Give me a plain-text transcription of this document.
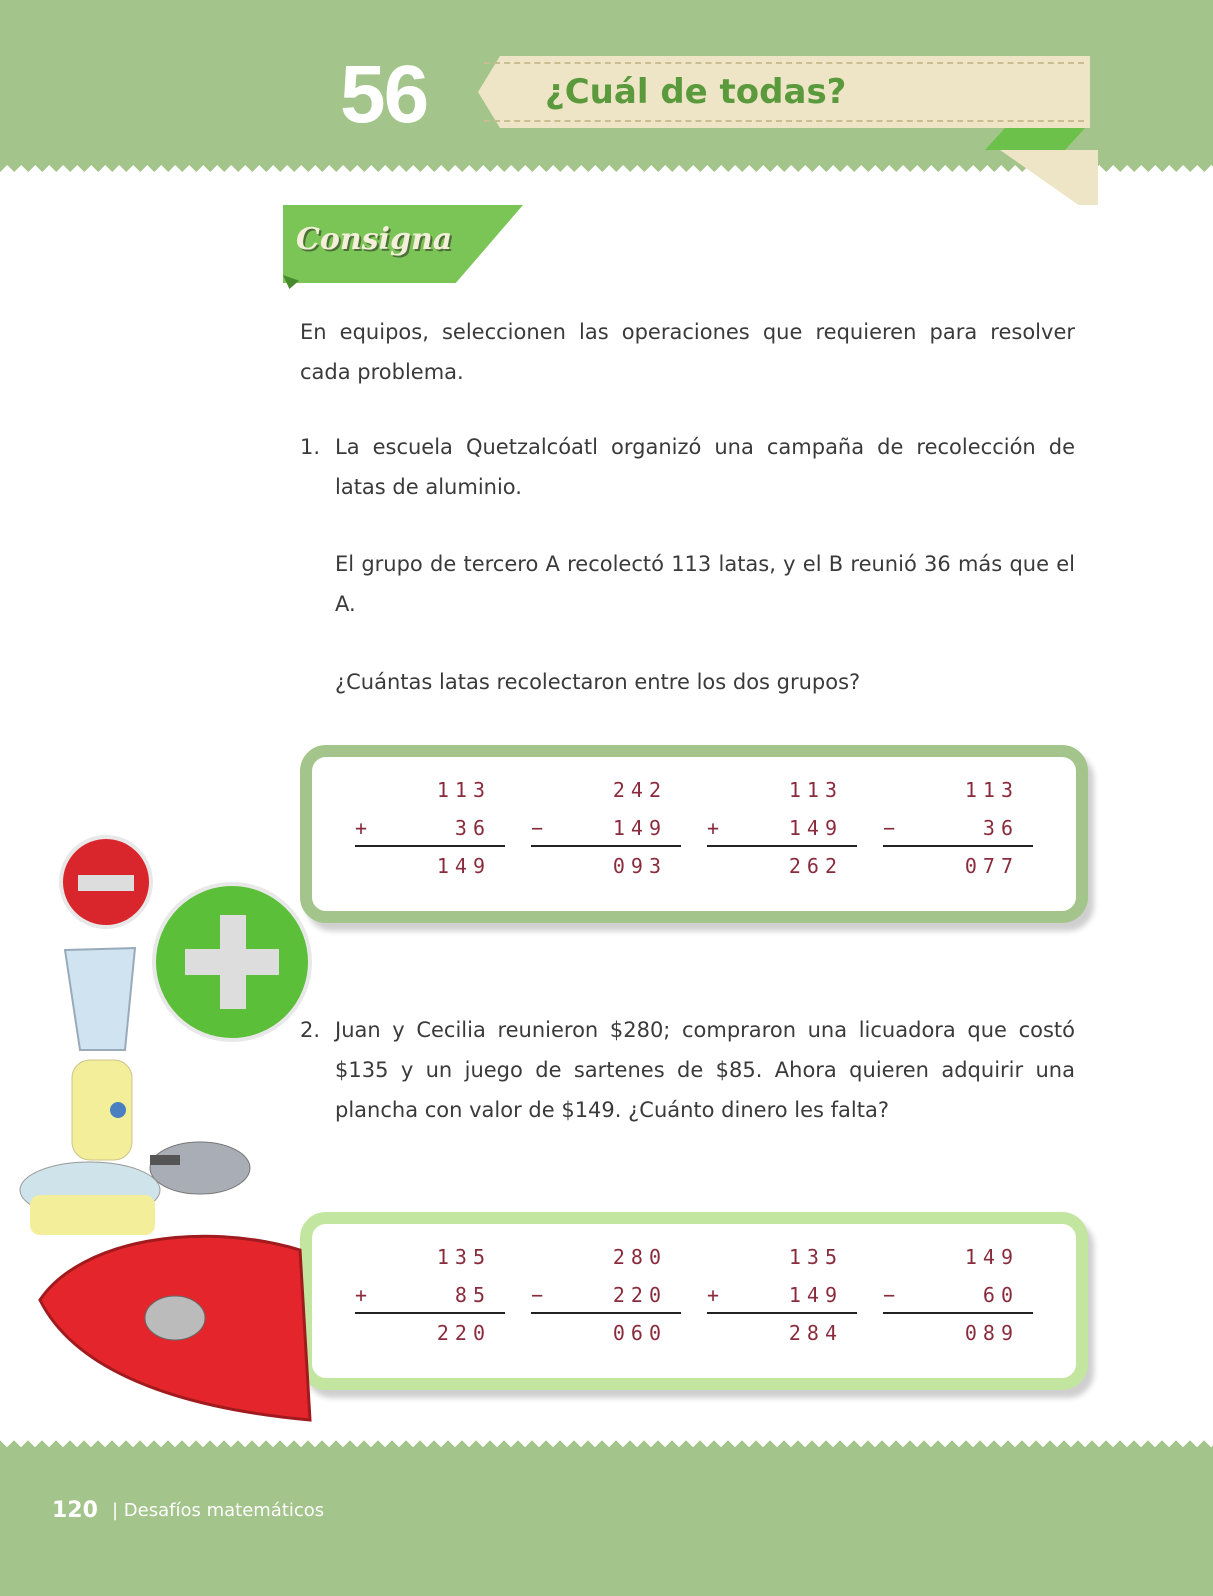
56	¿Cuál de todas?
Consigna
En equipos, seleccionen las operaciones que requieren para resolver cada problema.
1. La escuela Quetzalcóatl organizó una campaña de recolección de latas de aluminio.
El grupo de tercero A recolectó 113 latas, y el B reunió 36 más que el A.
¿Cuántas latas recolectaron entre los dos grupos?
113
+	36
149
242
−	149
093
113
+	149
262
113
−	36
077
2. Juan y Cecilia reunieron $280; compraron una licuadora que costó $135 y un juego de sartenes de $85. Ahora quieren adquirir una plancha con valor de $149. ¿Cuánto dinero les falta?
135
+	85
220
280
−	220
060
135
+	149
284
149
−	60
089
120 | Desafíos matemáticos
